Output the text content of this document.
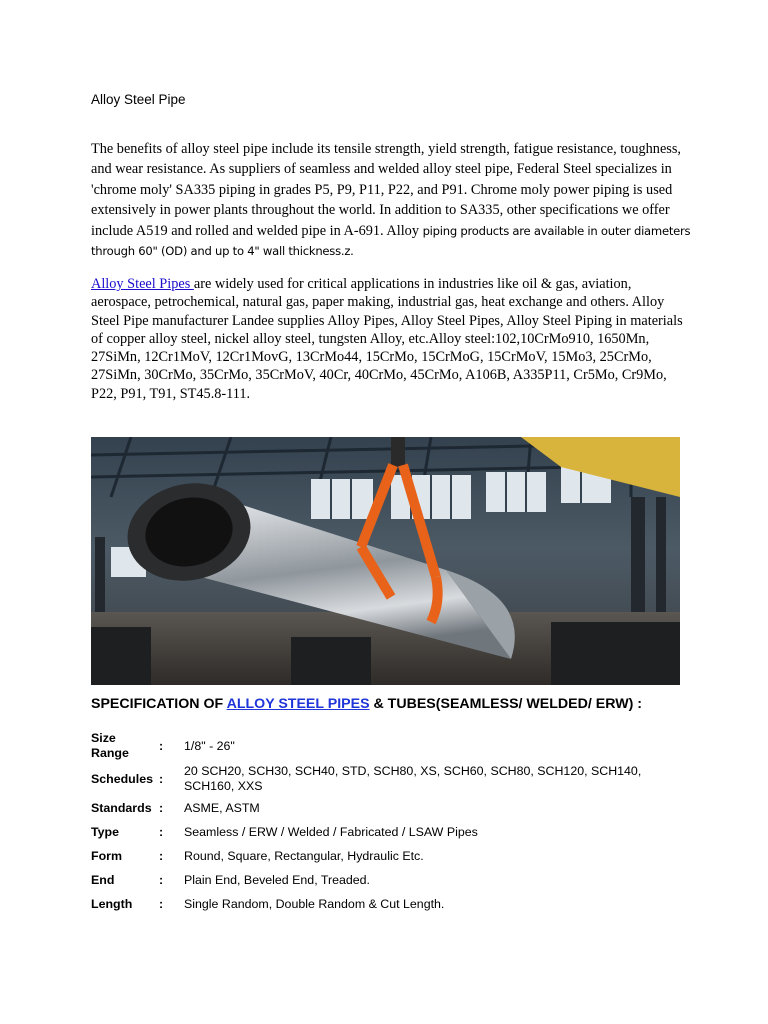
Alloy Steel Pipe
The benefits of alloy steel pipe include its tensile strength, yield strength, fatigue resistance, toughness, and wear resistance. As suppliers of seamless and welded alloy steel pipe, Federal Steel specializes in 'chrome moly' SA335 piping in grades P5, P9, P11, P22, and P91. Chrome moly power piping is used extensively in power plants throughout the world. In addition to SA335, other specifications we offer include A519 and rolled and welded pipe in A-691. Alloy piping products are available in outer diameters through 60" (OD) and up to 4" wall thickness.z.
Alloy Steel Pipes are widely used for critical applications in industries like oil & gas, aviation, aerospace, petrochemical, natural gas, paper making, industrial gas, heat exchange and others. Alloy Steel Pipe manufacturer Landee supplies Alloy Pipes, Alloy Steel Pipes, Alloy Steel Piping in materials of copper alloy steel, nickel alloy steel, tungsten Alloy, etc.Alloy steel:102,10CrMo910, 1650Mn, 27SiMn, 12Cr1MoV, 12Cr1MovG, 13CrMo44, 15CrMo, 15CrMoG, 15CrMoV, 15Mo3, 25CrMo, 27SiMn, 30CrMo, 35CrMo, 35CrMoV, 40Cr, 40CrMo, 45CrMo, A106B, A335P11, Cr5Mo, Cr9Mo, P22, P91, T91, ST45.8-111.
SPECIFICATION OF ALLOY STEEL PIPES & TUBES(SEAMLESS/ WELDED/ ERW) :
Size Range	:	1/8" - 26"
Schedules	:	20 SCH20, SCH30, SCH40, STD, SCH80, XS, SCH60, SCH80, SCH120, SCH140, SCH160, XXS
Standards	:	ASME, ASTM
Type	:	Seamless / ERW / Welded / Fabricated / LSAW Pipes
Form	:	Round, Square, Rectangular, Hydraulic Etc.
End	:	Plain End, Beveled End, Treaded.
Length	:	Single Random, Double Random & Cut Length.
